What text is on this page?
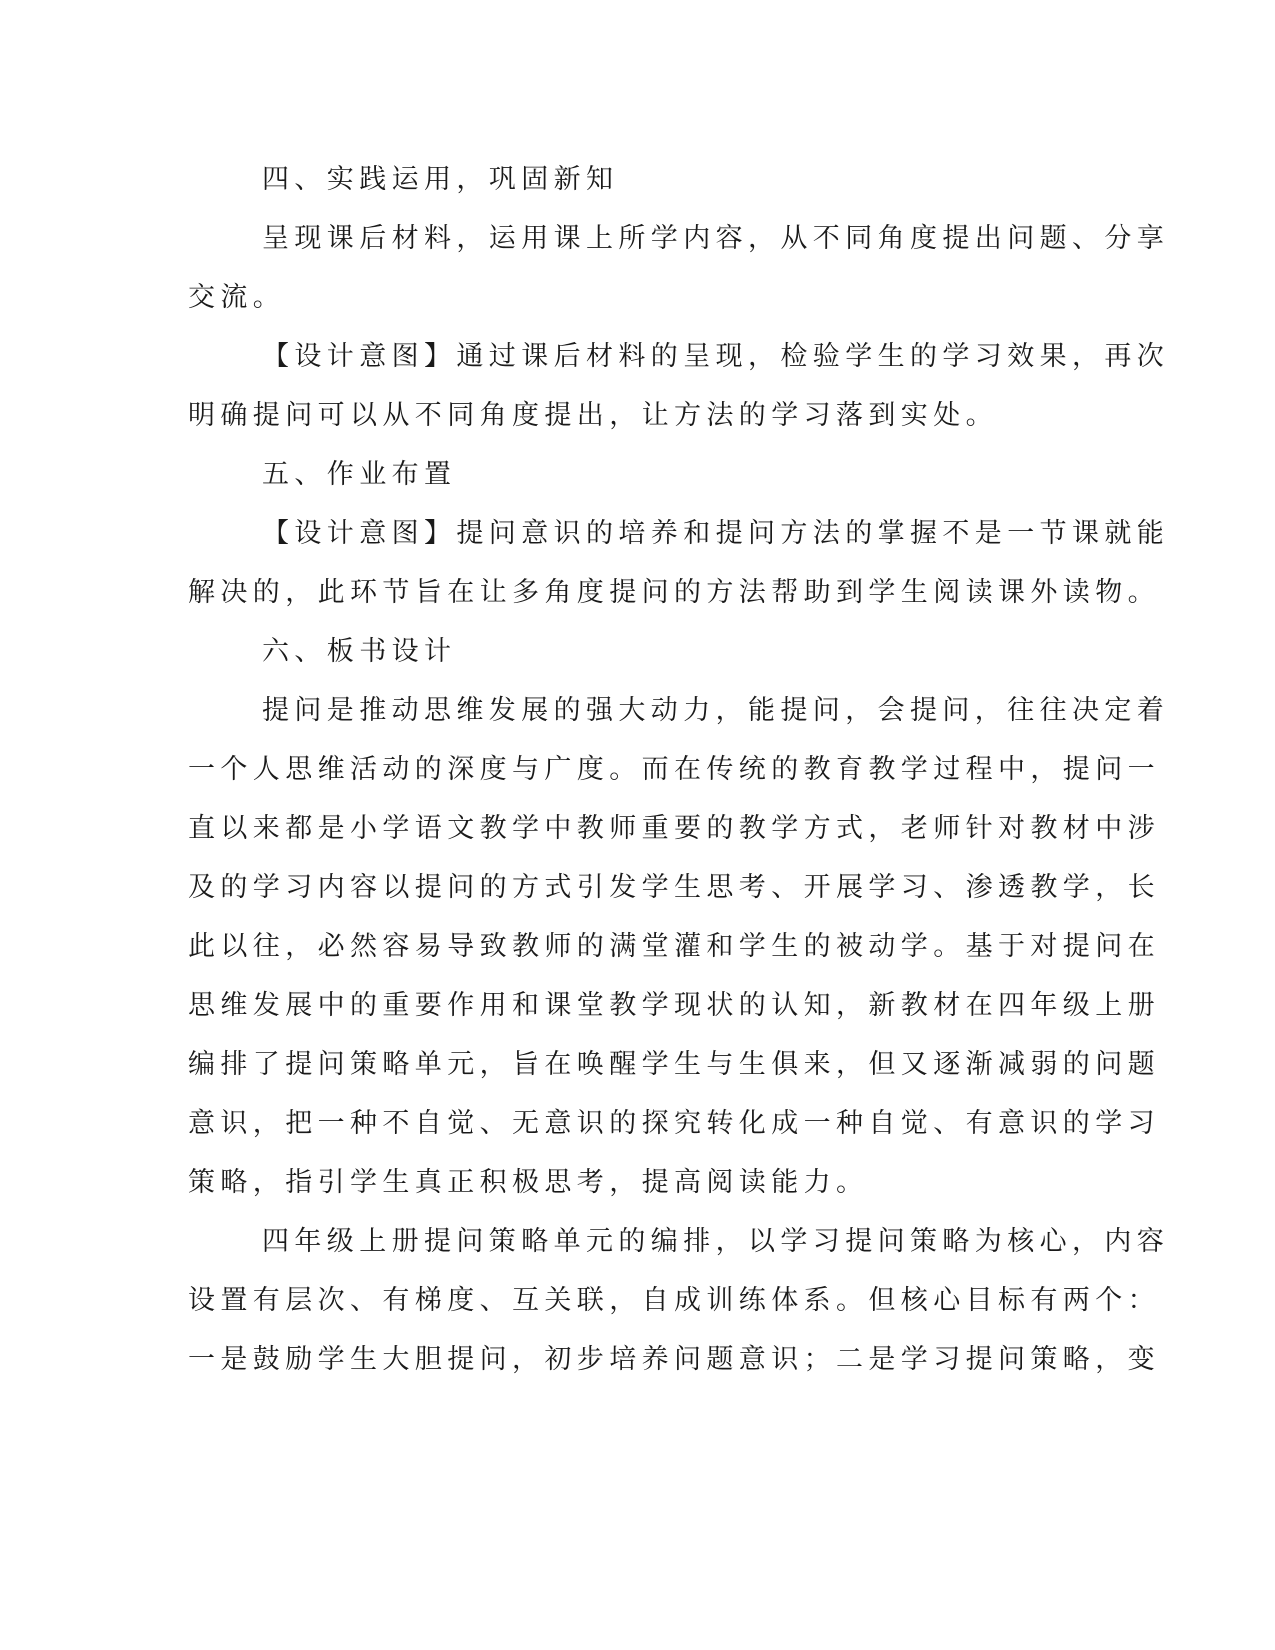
四、实践运用，巩固新知
呈现课后材料，运用课上所学内容，从不同角度提出问题、分享
交流。
【设计意图】通过课后材料的呈现，检验学生的学习效果，再次
明确提问可以从不同角度提出，让方法的学习落到实处。
五、作业布置
【设计意图】提问意识的培养和提问方法的掌握不是一节课就能
解决的，此环节旨在让多角度提问的方法帮助到学生阅读课外读物。
六、板书设计
提问是推动思维发展的强大动力，能提问，会提问，往往决定着
一个人思维活动的深度与广度。而在传统的教育教学过程中，提问一
直以来都是小学语文教学中教师重要的教学方式，老师针对教材中涉
及的学习内容以提问的方式引发学生思考、开展学习、渗透教学，长
此以往，必然容易导致教师的满堂灌和学生的被动学。基于对提问在
思维发展中的重要作用和课堂教学现状的认知，新教材在四年级上册
编排了提问策略单元，旨在唤醒学生与生俱来，但又逐渐减弱的问题
意识，把一种不自觉、无意识的探究转化成一种自觉、有意识的学习
策略，指引学生真正积极思考，提高阅读能力。
四年级上册提问策略单元的编排，以学习提问策略为核心，内容
设置有层次、有梯度、互关联，自成训练体系。但核心目标有两个：
一是鼓励学生大胆提问，初步培养问题意识；二是学习提问策略，变
